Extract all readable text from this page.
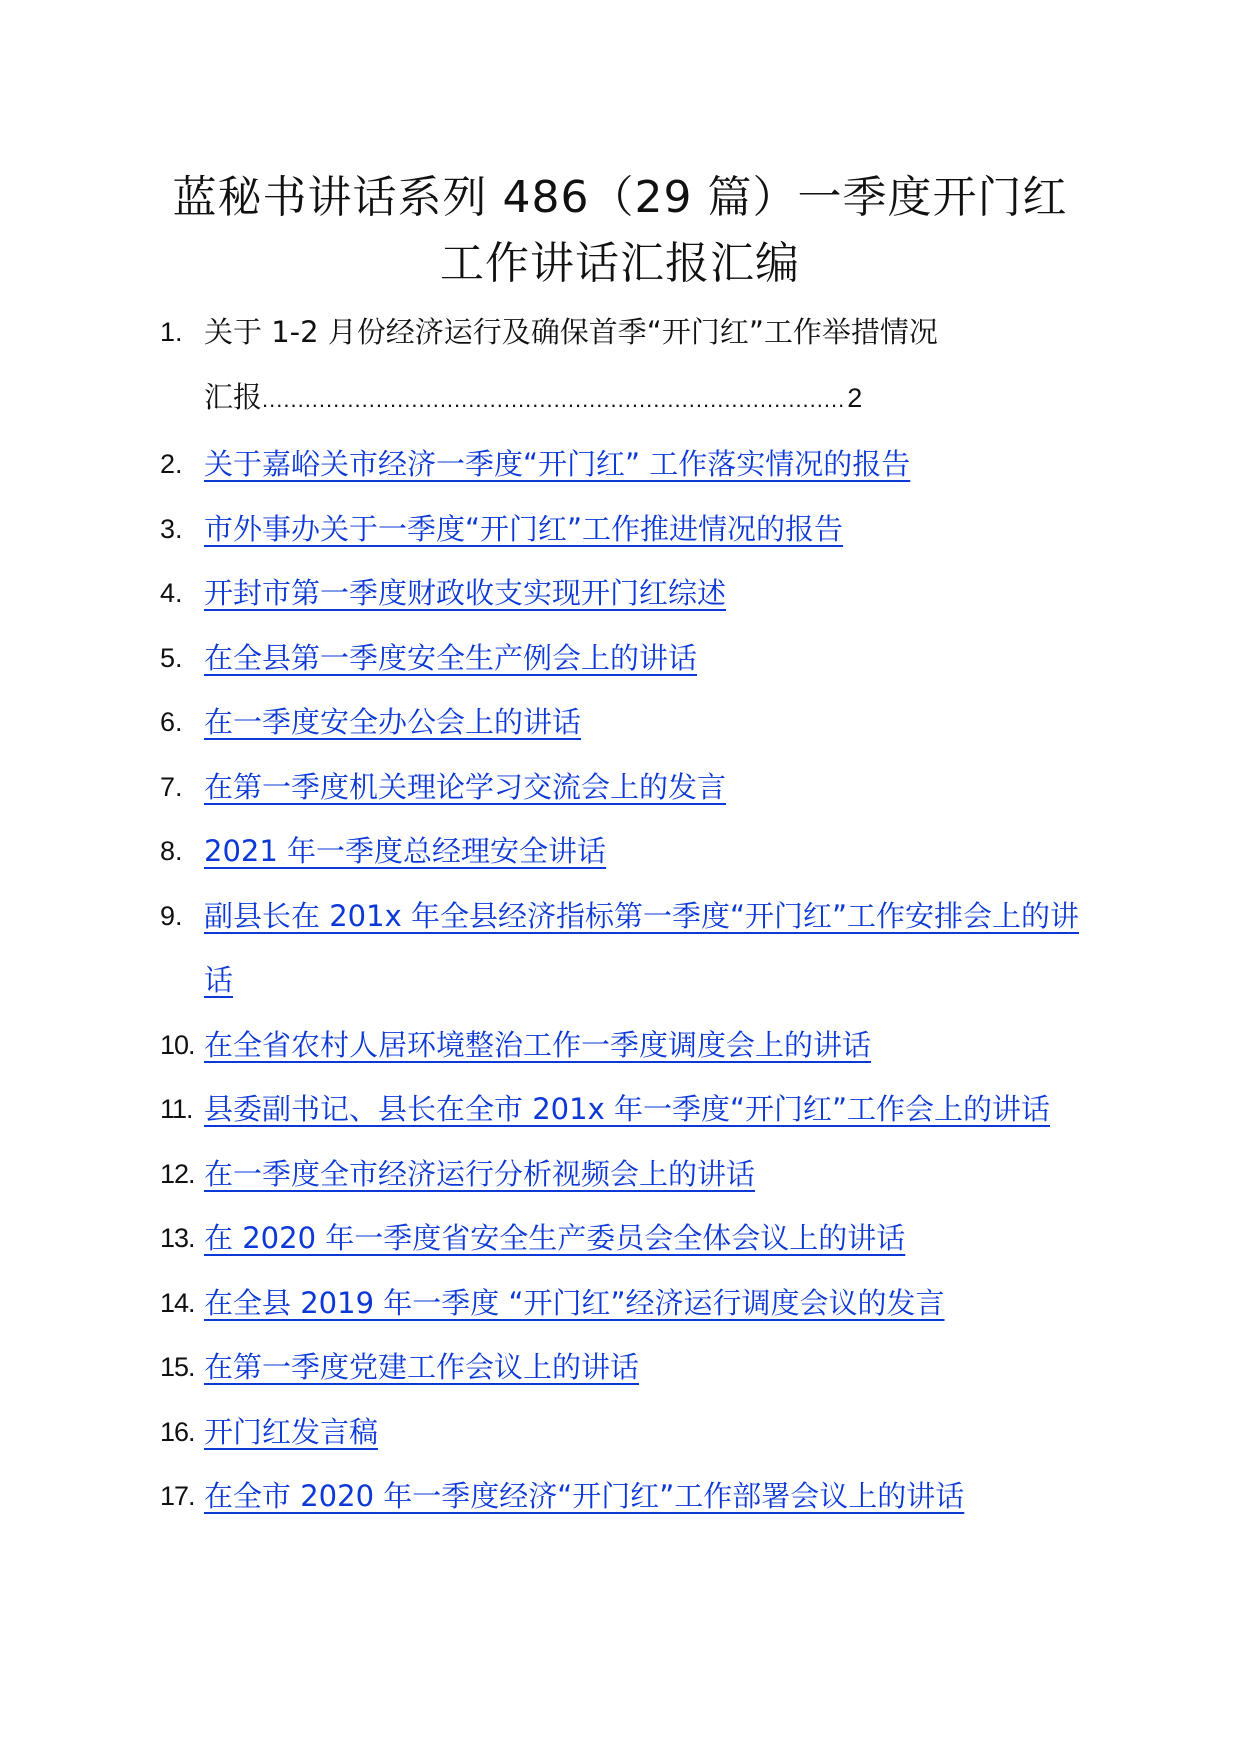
蓝秘书讲话系列 486（29 篇）一季度开门红
工作讲话汇报汇编
1. 关于 1-2 月份经济运行及确保首季“开门红”工作举措情况
汇报 .................................................................................. 2
2. 关于嘉峪关市经济一季度“开门红” 工作落实情况的报告
3. 市外事办关于一季度“开门红”工作推进情况的报告
4. 开封市第一季度财政收支实现开门红综述
5. 在全县第一季度安全生产例会上的讲话
6. 在一季度安全办公会上的讲话
7. 在第一季度机关理论学习交流会上的发言
8. 2021 年一季度总经理安全讲话
9. 副县长在 201x 年全县经济指标第一季度“开门红”工作安排会上的讲话
10. 在全省农村人居环境整治工作一季度调度会上的讲话
11. 县委副书记、县长在全市 201x 年一季度“开门红”工作会上的讲话
12. 在一季度全市经济运行分析视频会上的讲话
13. 在 2020 年一季度省安全生产委员会全体会议上的讲话
14. 在全县 2019 年一季度 “开门红”经济运行调度会议的发言
15. 在第一季度党建工作会议上的讲话
16. 开门红发言稿
17. 在全市 2020 年一季度经济“开门红”工作部署会议上的讲话
